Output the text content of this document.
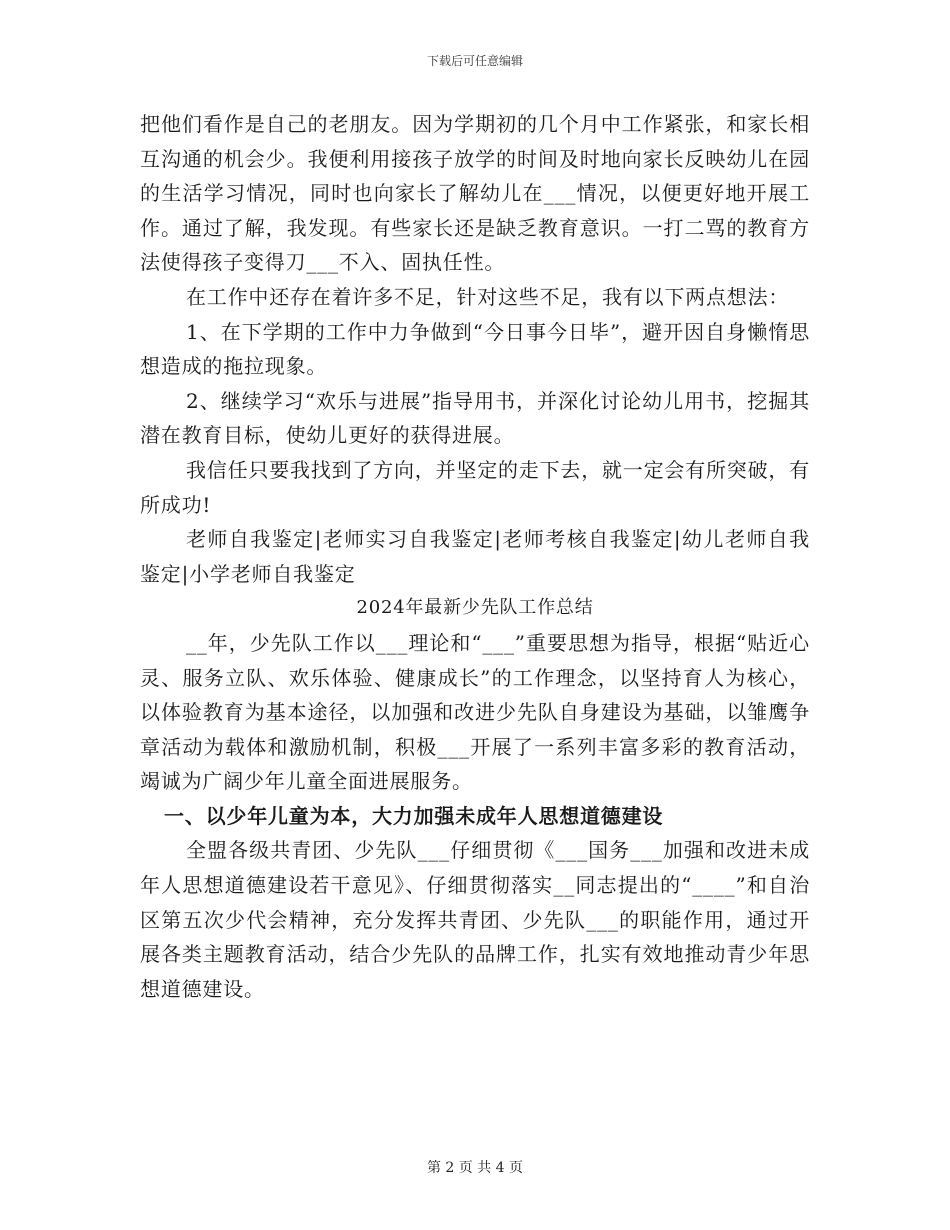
下载后可任意编辑

把他们看作是自己的老朋友。因为学期初的几个月中工作紧张，和家长相互沟通的机会少。我便利用接孩子放学的时间及时地向家长反映幼儿在园的生活学习情况，同时也向家长了解幼儿在___情况，以便更好地开展工作。通过了解，我发现。有些家长还是缺乏教育意识。一打二骂的教育方法使得孩子变得刀___不入、固执任性。

在工作中还存在着许多不足，针对这些不足，我有以下两点想法：

1、在下学期的工作中力争做到“今日事今日毕”，避开因自身懒惰思想造成的拖拉现象。

2、继续学习“欢乐与进展”指导用书，并深化讨论幼儿用书，挖掘其潜在教育目标，使幼儿更好的获得进展。

我信任只要我找到了方向，并坚定的走下去，就一定会有所突破，有所成功!

老师自我鉴定|老师实习自我鉴定|老师考核自我鉴定|幼儿老师自我鉴定|小学老师自我鉴定

2024年最新少先队工作总结

__年，少先队工作以___理论和“___”重要思想为指导，根据“贴近心灵、服务立队、欢乐体验、健康成长”的工作理念，以坚持育人为核心，以体验教育为基本途径，以加强和改进少先队自身建设为基础，以雏鹰争章活动为载体和激励机制，积极___开展了一系列丰富多彩的教育活动，竭诚为广阔少年儿童全面进展服务。

一、以少年儿童为本，大力加强未成年人思想道德建设

全盟各级共青团、少先队___仔细贯彻《___国务___加强和改进未成年人思想道德建设若干意见》、仔细贯彻落实__同志提出的“____”和自治区第五次少代会精神，充分发挥共青团、少先队___的职能作用，通过开展各类主题教育活动，结合少先队的品牌工作，扎实有效地推动青少年思想道德建设。

第 2 页 共 4 页
